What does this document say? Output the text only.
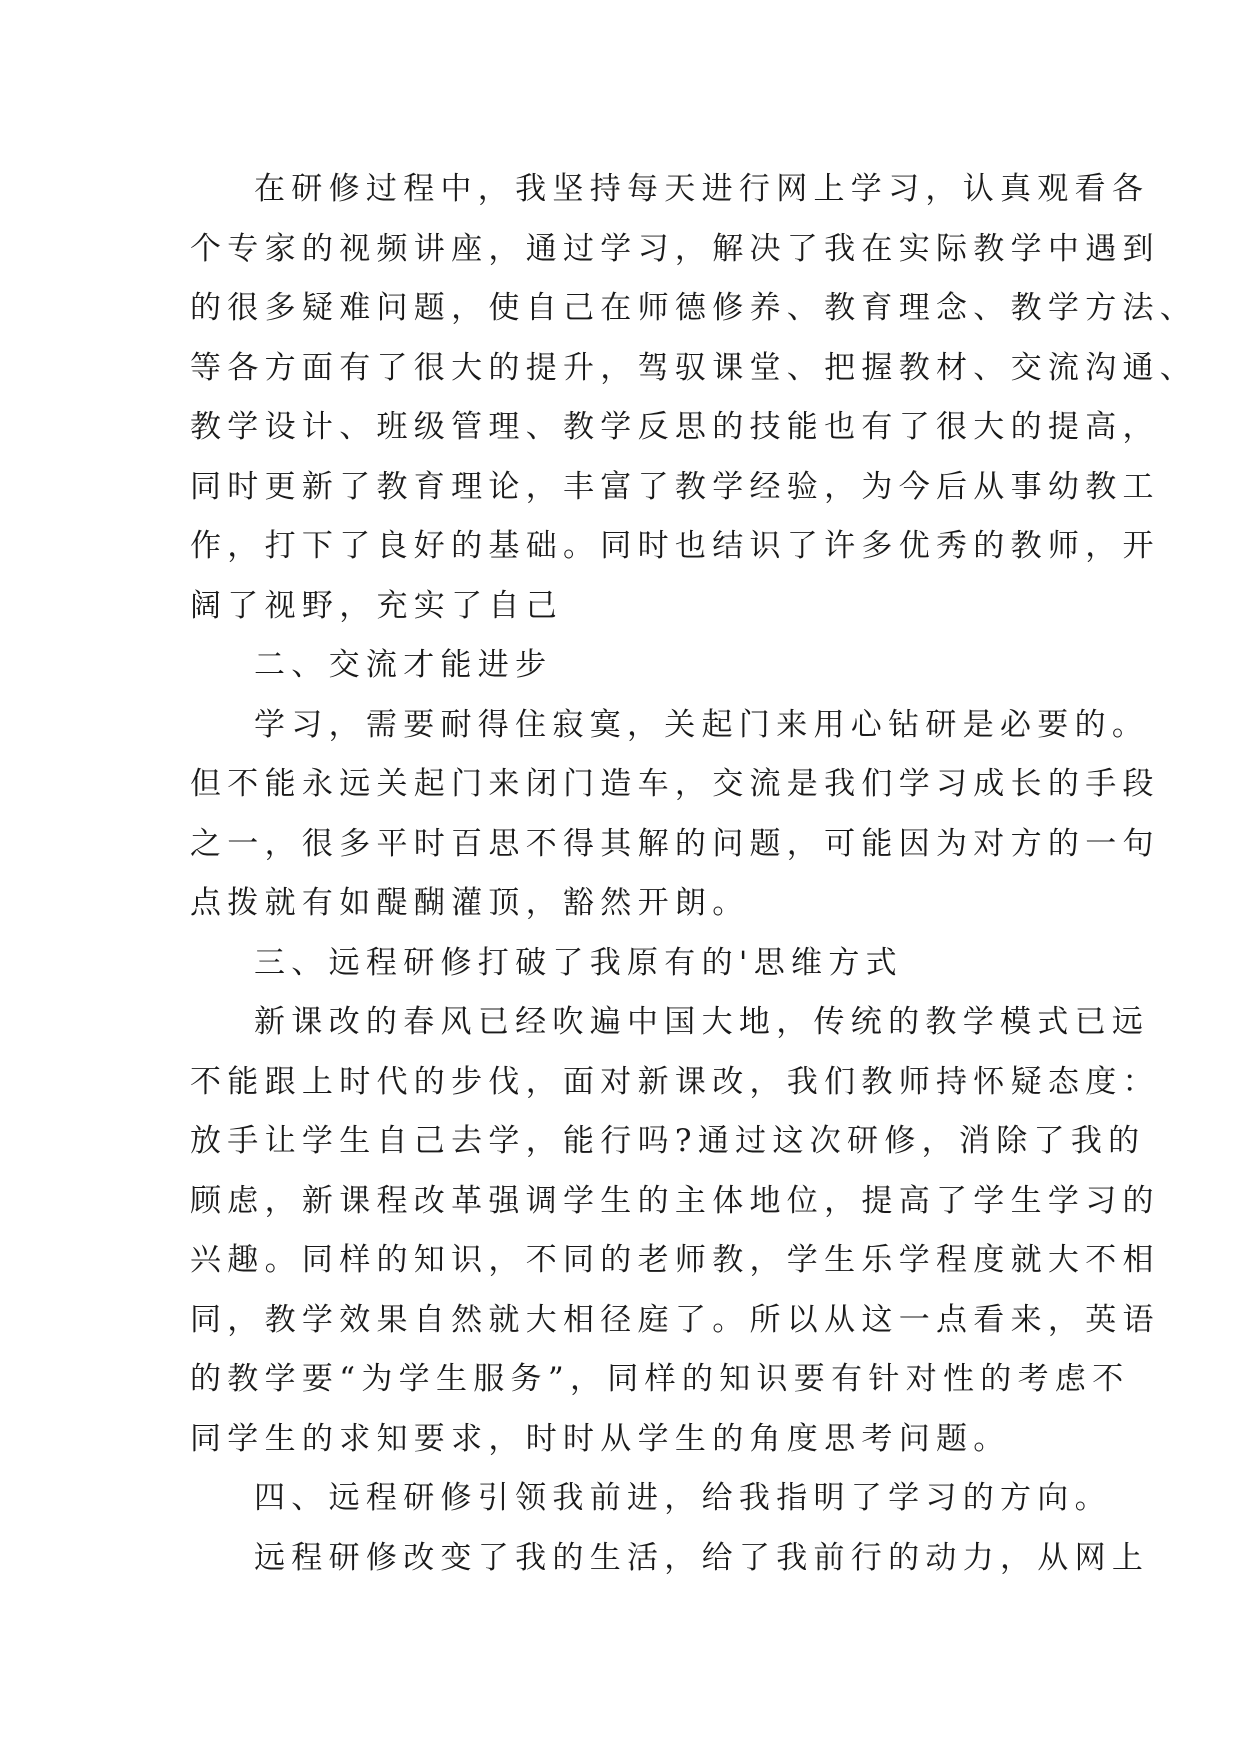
在研修过程中，我坚持每天进行网上学习，认真观看各
个专家的视频讲座，通过学习，解决了我在实际教学中遇到
的很多疑难问题，使自己在师德修养、教育理念、教学方法、
等各方面有了很大的提升，驾驭课堂、把握教材、交流沟通、
教学设计、班级管理、教学反思的技能也有了很大的提高，
同时更新了教育理论，丰富了教学经验，为今后从事幼教工
作，打下了良好的基础。同时也结识了许多优秀的教师，开
阔了视野，充实了自己
二、交流才能进步
学习，需要耐得住寂寞，关起门来用心钻研是必要的。
但不能永远关起门来闭门造车，交流是我们学习成长的手段
之一，很多平时百思不得其解的问题，可能因为对方的一句
点拨就有如醍醐灌顶，豁然开朗。
三、远程研修打破了我原有的'思维方式
新课改的春风已经吹遍中国大地，传统的教学模式已远
不能跟上时代的步伐，面对新课改，我们教师持怀疑态度：
放手让学生自己去学，能行吗?通过这次研修，消除了我的
顾虑，新课程改革强调学生的主体地位，提高了学生学习的
兴趣。同样的知识，不同的老师教，学生乐学程度就大不相
同，教学效果自然就大相径庭了。所以从这一点看来，英语
的教学要“为学生服务”，同样的知识要有针对性的考虑不
同学生的求知要求，时时从学生的角度思考问题。
四、远程研修引领我前进，给我指明了学习的方向。
远程研修改变了我的生活，给了我前行的动力，从网上
